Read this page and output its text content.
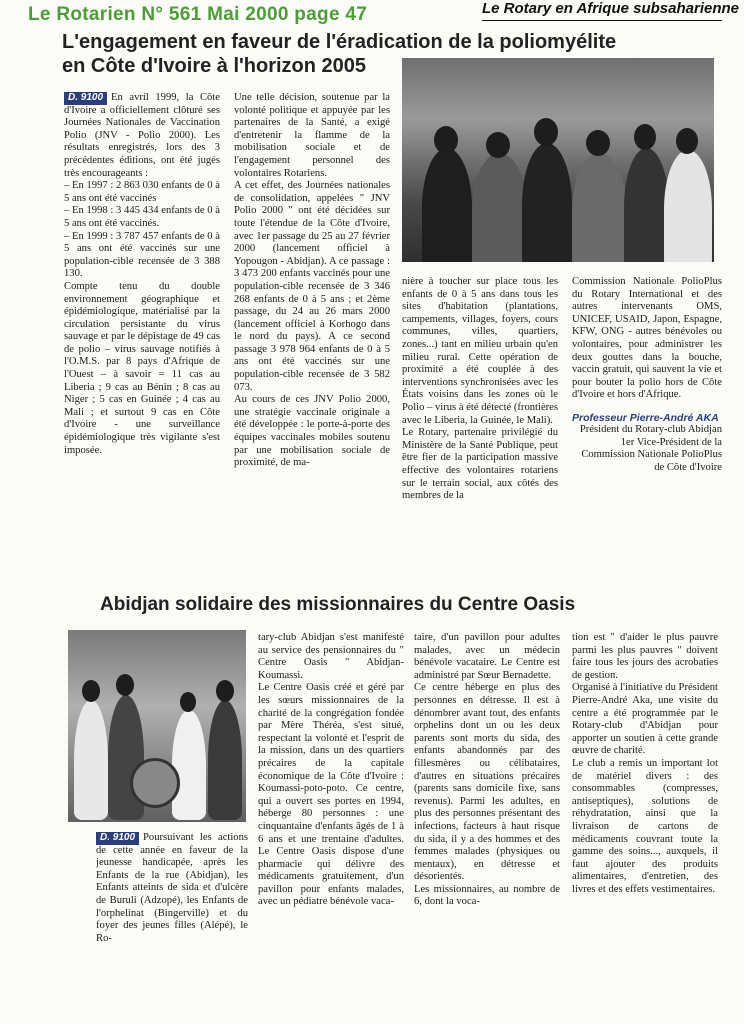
Le Rotarien N° 561 Mai 2000 page 47	Le Rotary en Afrique subsaharienne
L'engagement en faveur de l'éradication de la poliomyélite en Côte d'Ivoire à l'horizon 2005
D. 9100 En avril 1999, la Côte d'Ivoire a officiellement clôturé ses Journées Nationales de Vaccination Polio (JNV - Polio 2000). Les résultats enregistrés, lors des 3 précédentes éditions, ont été jugés très encourageants :
– En 1997 : 2 863 030 enfants de 0 à 5 ans ont été vaccinés
– En 1998 : 3 445 434 enfants de 0 à 5 ans ont été vaccinés.
– En 1999 : 3 787 457 enfants de 0 à 5 ans ont été vaccinés sur une population-cible recensée de 3 388 130.
Compte tenu du double environnement géographique et épidémiologique, matérialisé par la circulation persistante du virus sauvage et par le dépistage de 49 cas de polio – virus sauvage notifiés à l'O.M.S. par 8 pays d'Afrique de l'Ouest – à savoir = 11 cas au Liberia ; 9 cas au Bénin ; 8 cas au Niger ; 5 cas en Guinée ; 4 cas au Mali ; et surtout 9 cas en Côte d'Ivoire - une surveillance épidémiologique très vigilante s'est imposée.
Une telle décision, soutenue par la volonté politique et appuyée par les partenaires de la Santé, a exigé d'entretenir la flamme de la mobilisation sociale et de l'engagement personnel des volontaires Rotariens.
A cet effet, des Journées nationales de consolidation, appelées " JNV Polio 2000 " ont été décidées sur toute l'étendue de la Côte d'Ivoire, avec 1er passage du 25 au 27 février 2000 (lancement officiel à Yopougon - Abidjan). A ce passage : 3 473 200 enfants vaccinés pour une population-cible recensée de 3 346 268 enfants de 0 à 5 ans ; et 2ème passage, du 24 au 26 mars 2000 (lancement officiel à Korhogo dans le nord du pays). A ce second passage 3 978 964 enfants de 0 à 5 ans ont été vaccinés sur une population-cible recensée de 3 582 073.
Au cours de ces JNV Polio 2000, une stratégie vaccinale originale a été développée : le porte-à-porte des équipes vaccinales mobiles soutenu par une mobilisation sociale de proximité, de ma-
nière à toucher sur place tous les enfants de 0 à 5 ans dans tous les sites d'habitation (plantations, campements, villages, foyers, cours communes, villes, quartiers, zones...) tant en milieu urbain qu'en milieu rural. Cette opération de proximité a été couplée à des interventions synchronisées avec les États voisins dans les zones où le Polio – virus à été détecté (frontières avec le Liberia, la Guinée, le Mali).
Le Rotary, partenaire privilégié du Ministère de la Santé Publique, peut être fier de la participation massive effective des volontaires rotariens sur le terrain social, aux côtés des membres de la
Commission Nationale PolioPlus du Rotary International et des autres intervenants OMS, UNICEF, USAID, Japon, Espagne, KFW, ONG - autres bénévoles ou volontaires, pour administrer les deux gouttes dans la bouche, vaccin gratuit, qui sauvent la vie et pour bouter la polio hors de Côte d'Ivoire et hors d'Afrique.
Professeur Pierre-André AKA
Président du Rotary-club Abidjan
1er Vice-Président de la Commission Nationale PolioPlus de Côte d'Ivoire
Abidjan solidaire des missionnaires du Centre Oasis
D. 9100 Poursuivant les actions de cette année en faveur de la jeunesse handicapée, après les Enfants de la rue (Abidjan), les Enfants atteints de sida et d'ulcère de Buruli (Adzopé), les Enfants de l'orphelinat (Bingerville) et du foyer des jeunes filles (Alépé), le Ro-
tary-club Abidjan s'est manifesté au service des pensionnaires du " Centre Oasis " Abidjan-Koumassi.
Le Centre Oasis créé et géré par les sœurs missionnaires de la charité de la congrégation fondée par Mère Théréa, s'est situé, respectant la volonté et l'esprit de la mission, dans un des quartiers précaires de la capitale économique de la Côte d'Ivoire : Koumassi-poto-poto. Ce centre, qui a ouvert ses portes en 1994, héberge 80 personnes : une cinquantaine d'enfants âgés de 1 à 6 ans et une trentaine d'adultes. Le Centre Oasis dispose d'une pharmacie qui délivre des médicaments gratuitement, d'un pavillon pour enfants malades, avec un pédiatre bénévole vaca-
taire, d'un pavillon pour adultes malades, avec un médecin bénévole vacataire. Le Centre est administré par Sœur Bernadette.
Ce centre héberge en plus des personnes en détresse. Il est à dénombrer avant tout, des enfants orphelins dont un ou les deux parents sont morts du sida, des enfants abandonnés par des fillesmères ou célibataires, d'autres en situations précaires (parents sans domicile fixe, sans revenus). Parmi les adultes, en plus des personnes présentant des infections, facteurs à haut risque du sida, il y a des hommes et des femmes malades (physiques ou mentaux), en détresse et désorientés.
Les missionnaires, au nombre de 6, dont la voca-
tion est " d'aider le plus pauvre parmi les plus pauvres " doivent faire tous les jours des acrobaties de gestion.
Organisé à l'initiative du Président Pierre-André Aka, une visite du centre a été programmée par le Rotary-club d'Abidjan pour apporter un soutien à cette grande œuvre de charité.
Le club a remis un important lot de matériel divers : des consommables (compresses, antiseptiques), solutions de réhydratation, ainsi que la livraison de cartons de médicaments couvrant toute la gamme des soins..., auxquels, il faut ajouter des produits alimentaires, d'entretien, des livres et des effets vestimentaires.
